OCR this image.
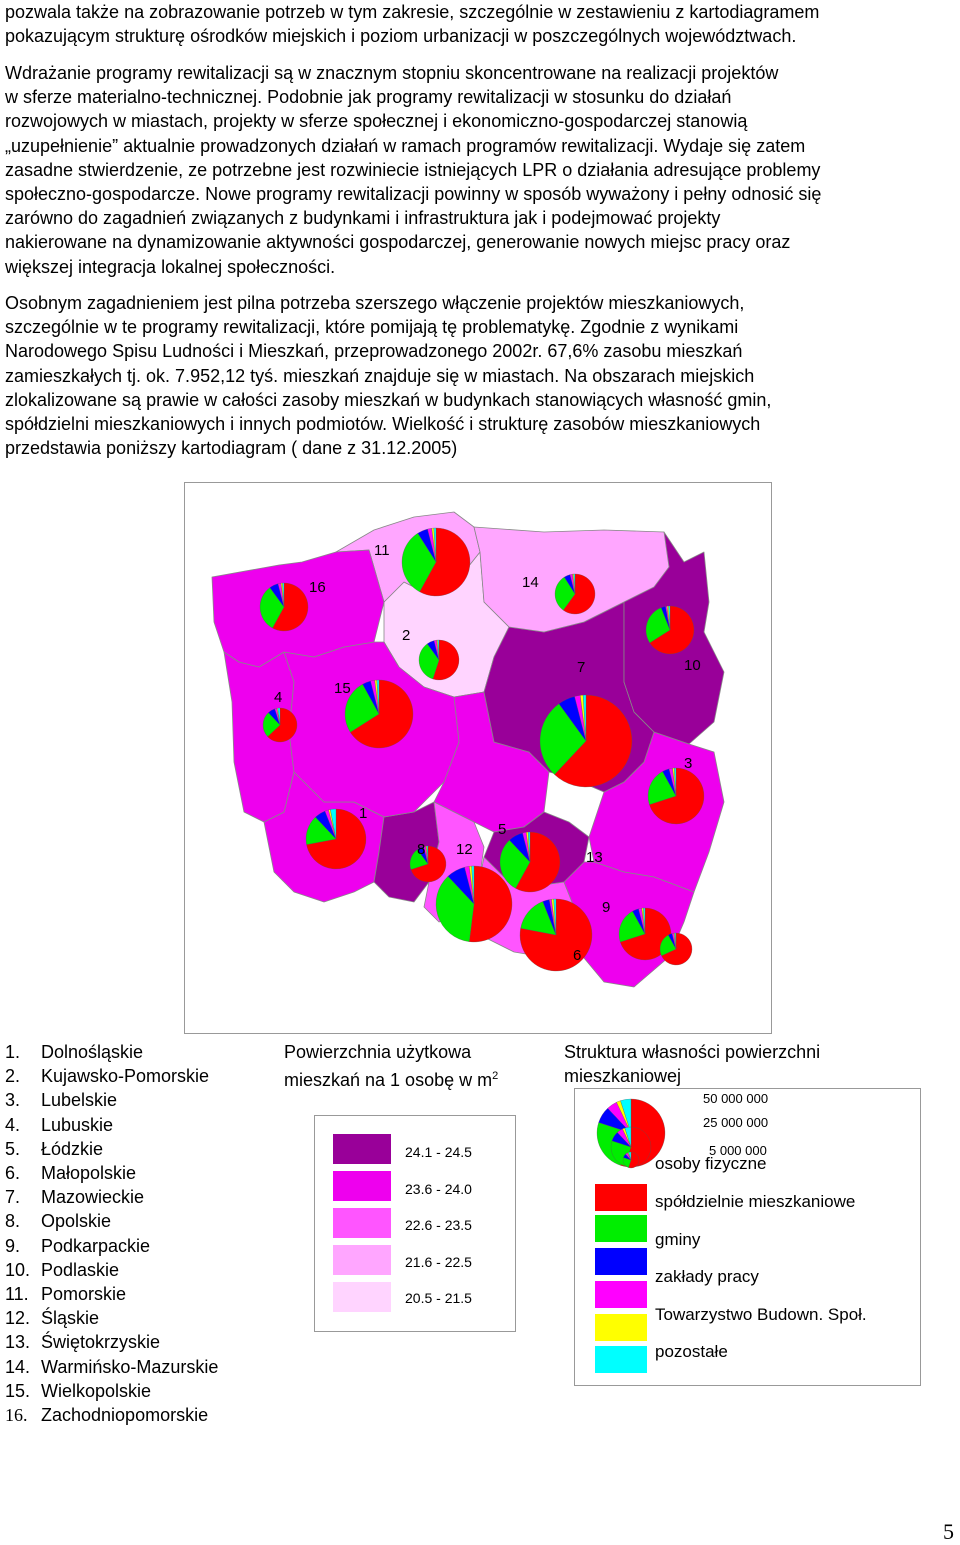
pozwala także na zobrazowanie potrzeb w tym zakresie, szczególnie w zestawieniu z kartodiagramem
pokazującym strukturę ośrodków miejskich i poziom urbanizacji w poszczególnych województwach.
Wdrażanie programy rewitalizacji są w znacznym stopniu skoncentrowane na realizacji projektów
w sferze materialno-technicznej. Podobnie jak programy rewitalizacji w stosunku do działań
rozwojowych w miastach, projekty w sferze społecznej i ekonomiczno-gospodarczej stanowią
„uzupełnienie” aktualnie prowadzonych działań w ramach programów rewitalizacji. Wydaje się zatem
zasadne stwierdzenie, ze potrzebne jest rozwiniecie istniejących LPR o działania adresujące problemy
społeczno-gospodarcze. Nowe programy rewitalizacji powinny w sposób wyważony i pełny odnosić się
zarówno do zagadnień związanych z budynkami i infrastruktura jak i podejmować projekty
nakierowane na dynamizowanie aktywności gospodarczej, generowanie nowych miejsc pracy oraz
większej integracja lokalnej społeczności.
Osobnym zagadnieniem jest pilna potrzeba szerszego włączenie projektów mieszkaniowych,
szczególnie w te programy rewitalizacji, które pomijają tę problematykę. Zgodnie z wynikami
Narodowego Spisu Ludności i Mieszkań, przeprowadzonego 2002r. 67,6% zasobu mieszkań
zamieszkałych tj. ok. 7.952,12 tyś. mieszkań znajduje się w miastach. Na obszarach miejskich
zlokalizowane są prawie w całości zasoby mieszkań w budynkach stanowiących własność gmin,
spółdzielni mieszkaniowych i innych podmiotów. Wielkość i strukturę zasobów mieszkaniowych
przedstawia poniższy kartodiagram ( dane z 31.12.2005)
1
2
3
4
5
6
7
8
9
10
11
12	13
14
15
16
1. Dolnośląskie
2. Kujawsko-Pomorskie
3. Lubelskie
4. Lubuskie
5. Łódzkie
6. Małopolskie
7. Mazowieckie
8. Opolskie
9. Podkarpackie
10. Podlaskie
11. Pomorskie
12. Śląskie
13. Świętokrzyskie
14. Warmińsko-Mazurskie
15. Wielkopolskie
16. Zachodniopomorskie
Powierzchnia użytkowa
mieszkań na 1 osobę w $m^2$
24.1 - 24.5
23.6 - 24.0
22.6 - 23.5
21.6 - 22.5
20.5 - 21.5
Struktura własności powierzchni
mieszkaniowej
50 000 000
25 000 000
5 000 000
osoby fizyczne
spółdzielnie mieszkaniowe
gminy
zakłady pracy
Towarzystwo Budown. Społ.
pozostałe
5
